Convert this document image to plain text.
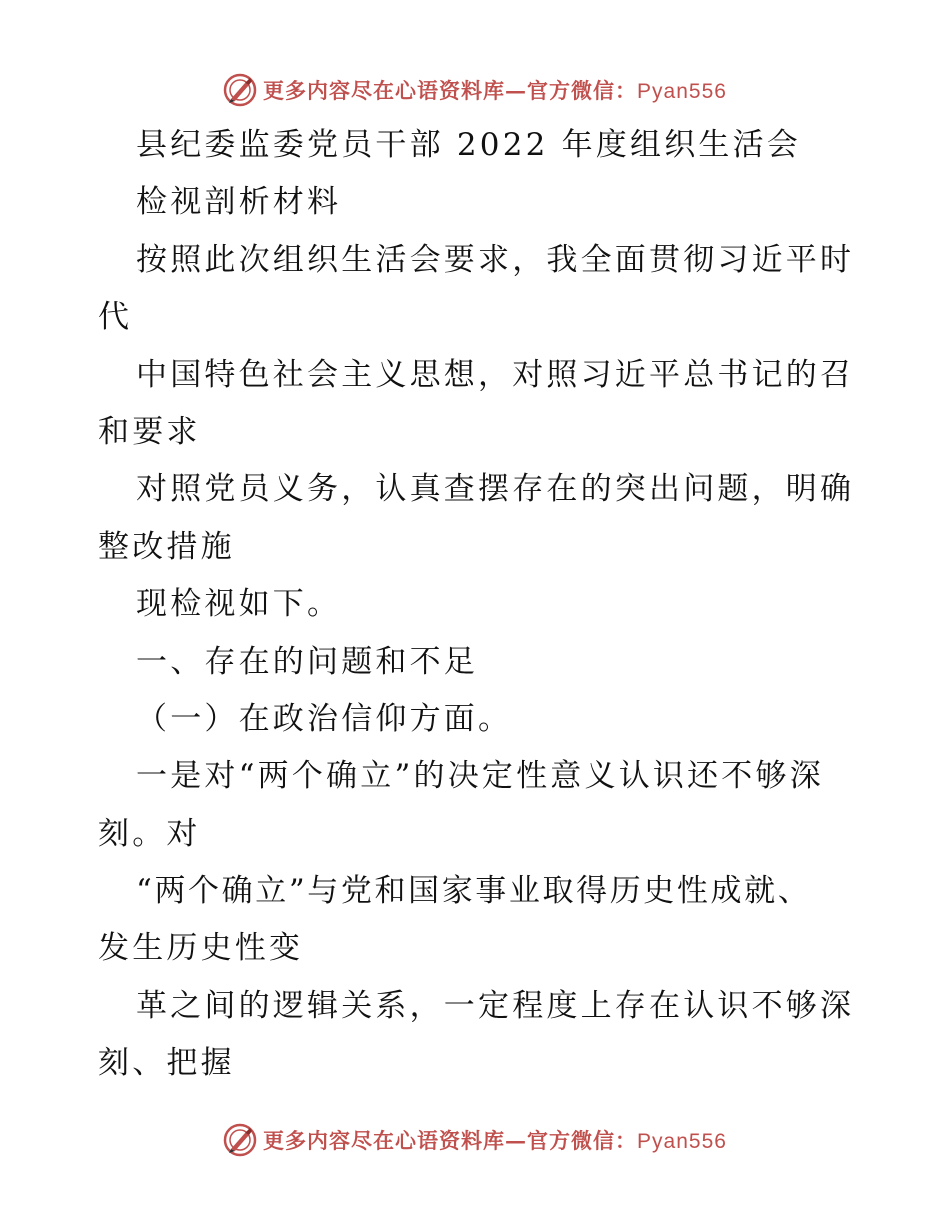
更多内容尽在心语资料库—官方微信：Pyan556
县纪委监委党员干部 2022 年度组织生活会
检视剖析材料
按照此次组织生活会要求，我全面贯彻习近平时
代
中国特色社会主义思想，对照习近平总书记的召
和要求
对照党员义务，认真查摆存在的突出问题，明确
整改措施
现检视如下。
一、存在的问题和不足
（一）在政治信仰方面。
一是对“两个确立”的决定性意义认识还不够深
刻。对
“两个确立”与党和国家事业取得历史性成就、
发生历史性变
革之间的逻辑关系，一定程度上存在认识不够深
刻、把握
更多内容尽在心语资料库—官方微信：Pyan556
